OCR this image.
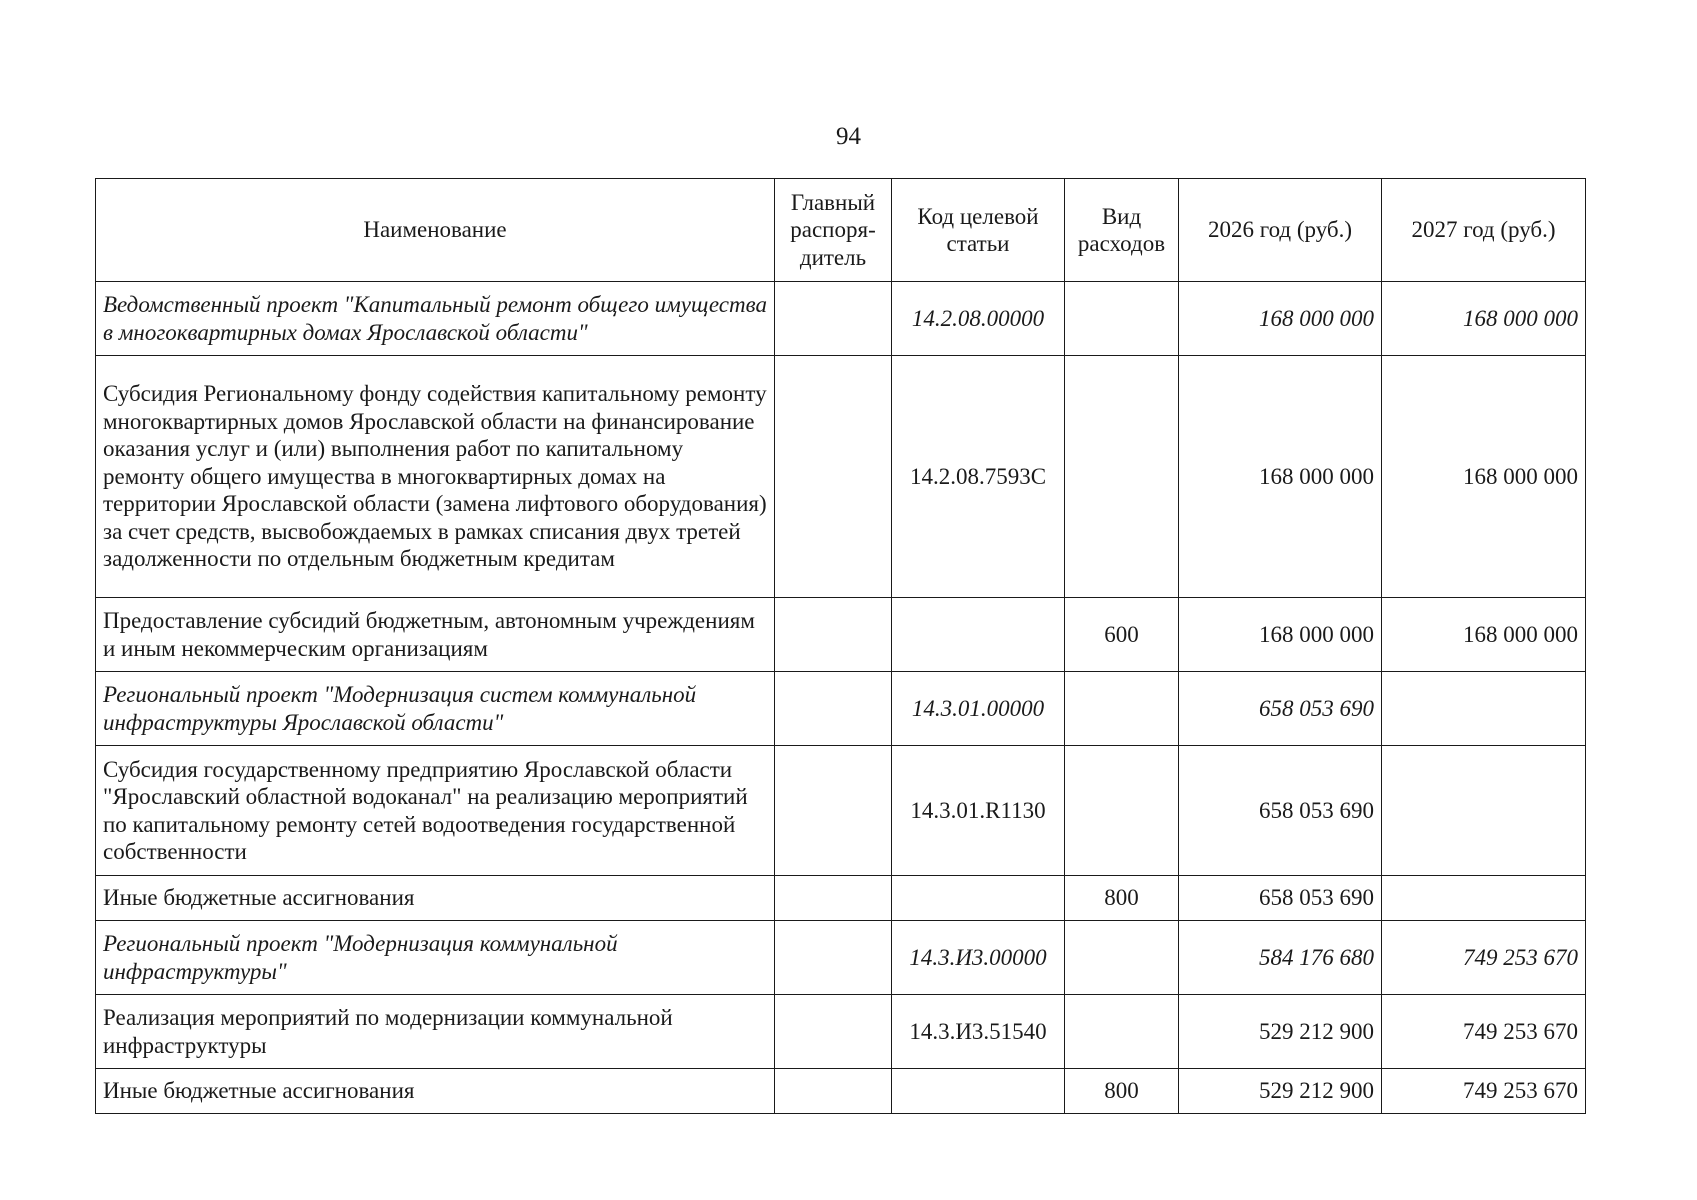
94
Наименование	Главный распоря-дитель	Код целевой статьи	Вид расходов	2026 год (руб.)	2027 год (руб.)
Ведомственный проект "Капитальный ремонт общего имущества в многоквартирных домах Ярославской области"		14.2.08.00000		168 000 000	168 000 000
Субсидия Региональному фонду содействия капитальному ремонту многоквартирных домов Ярославской области на финансирование оказания услуг и (или) выполнения работ по капитальному ремонту общего имущества в многоквартирных домах на территории Ярославской области (замена лифтового оборудования) за счет средств, высвобождаемых в рамках списания двух третей задолженности по отдельным бюджетным кредитам		14.2.08.7593С		168 000 000	168 000 000
Предоставление субсидий бюджетным, автономным учреждениям и иным некоммерческим организациям			600	168 000 000	168 000 000
Региональный проект "Модернизация систем коммунальной инфраструктуры Ярославской области"		14.3.01.00000		658 053 690	
Субсидия государственному предприятию Ярославской области "Ярославский областной водоканал" на реализацию мероприятий по капитальному ремонту сетей водоотведения государственной собственности		14.3.01.R1130		658 053 690	
Иные бюджетные ассигнования			800	658 053 690	
Региональный проект "Модернизация коммунальной инфраструктуры"		14.3.И3.00000		584 176 680	749 253 670
Реализация мероприятий по модернизации коммунальной инфраструктуры		14.3.И3.51540		529 212 900	749 253 670
Иные бюджетные ассигнования			800	529 212 900	749 253 670
